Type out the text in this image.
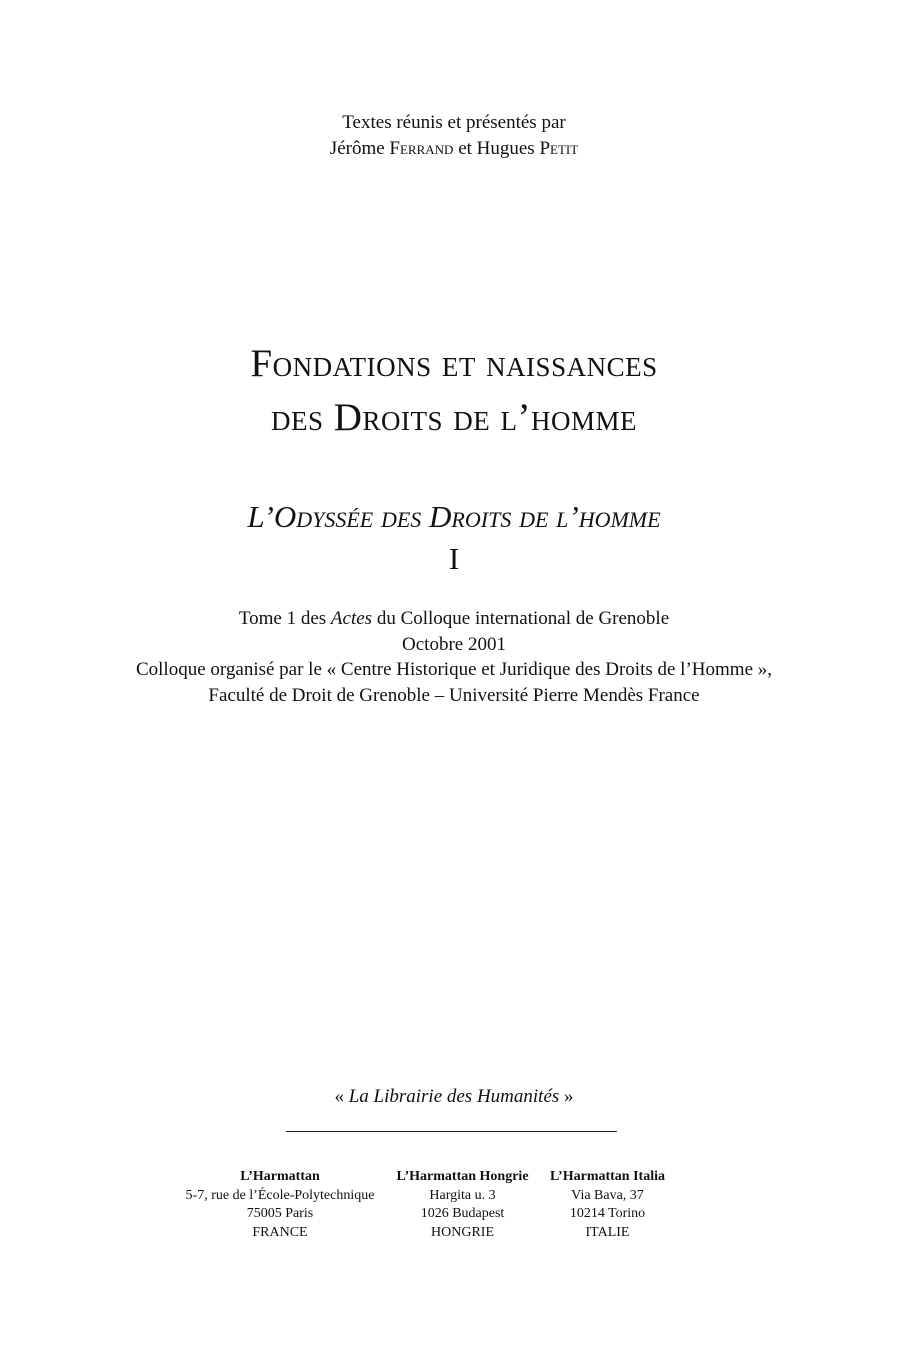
Textes réunis et présentés par
Jérôme Ferrand et Hugues Petit
Fondations et naissances
des Droits de l’homme
L’Odyssée des Droits de l’homme
I
Tome 1 des Actes du Colloque international de Grenoble
Octobre 2001
Colloque organisé par le « Centre Historique et Juridique des Droits de l’Homme »,
Faculté de Droit de Grenoble – Université Pierre Mendès France
« La Librairie des Humanités »
L’Harmattan
5-7, rue de l’École-Polytechnique
75005 Paris
FRANCE
L’Harmattan Hongrie
Hargita u. 3
1026 Budapest
HONGRIE
L’Harmattan Italia
Via Bava, 37
10214 Torino
ITALIE
